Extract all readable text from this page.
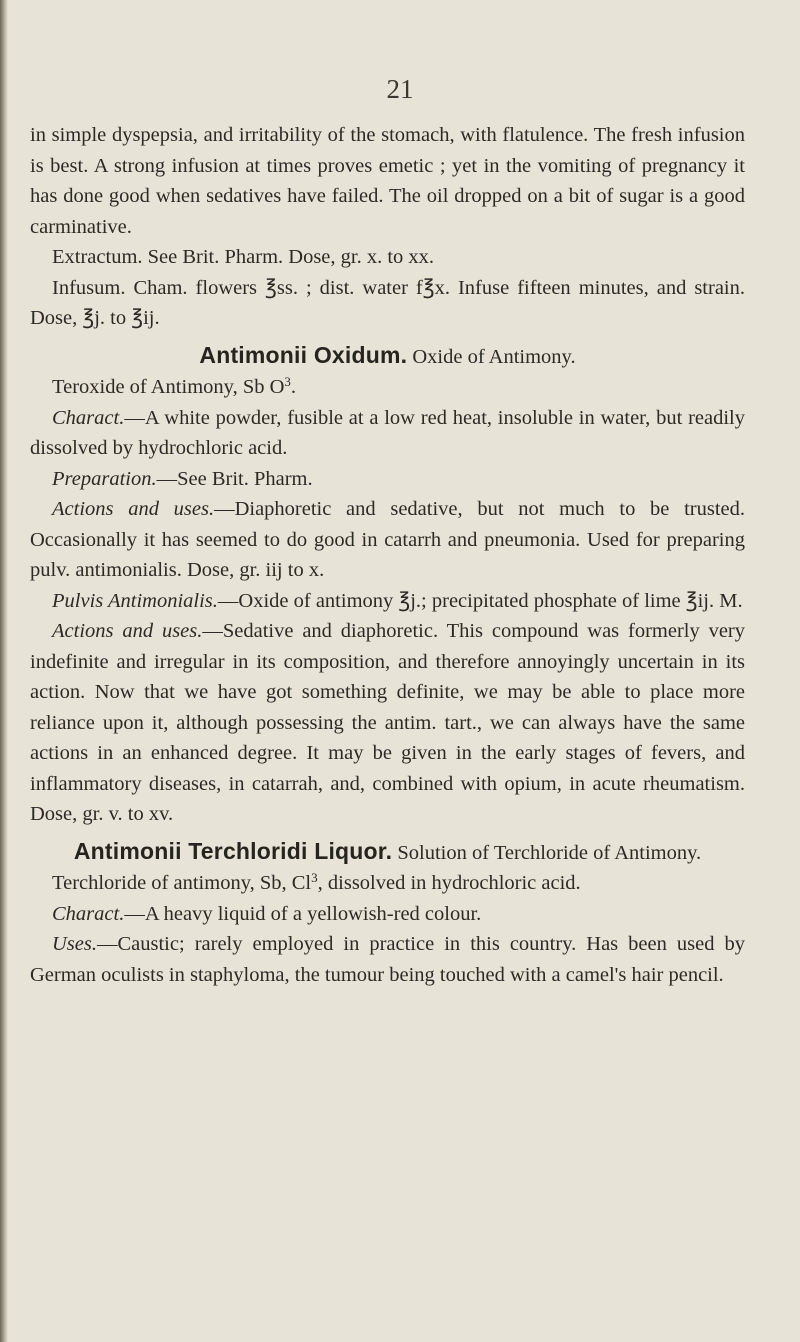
21

in simple dyspepsia, and irritability of the stomach, with flatulence. The fresh infusion is best. A strong infusion at times proves emetic ; yet in the vomiting of pregnancy it has done good when sedatives have failed. The oil dropped on a bit of sugar is a good carminative.

Extractum. See Brit. Pharm. Dose, gr. x. to xx.

Infusum. Cham. flowers ℥ss. ; dist. water f℥x. Infuse fifteen minutes, and strain. Dose, ℥j. to ℥ij.

Antimonii Oxidum. Oxide of Antimony.

Teroxide of Antimony, Sb $O^3$.

Charact.—A white powder, fusible at a low red heat, insoluble in water, but readily dissolved by hydrochloric acid.

Preparation.—See Brit. Pharm.

Actions and uses.—Diaphoretic and sedative, but not much to be trusted. Occasionally it has seemed to do good in catarrh and pneumonia. Used for preparing pulv. antimonialis. Dose, gr. iij to x.

Pulvis Antimonialis.—Oxide of antimony ℥j.; precipitated phosphate of lime ℥ij. M.

Actions and uses.—Sedative and diaphoretic. This compound was formerly very indefinite and irregular in its composition, and therefore annoyingly uncertain in its action. Now that we have got something definite, we may be able to place more reliance upon it, although possessing the antim. tart., we can always have the same actions in an enhanced degree. It may be given in the early stages of fevers, and inflammatory diseases, in catarrah, and, combined with opium, in acute rheumatism. Dose, gr. v. to xv.

Antimonii Terchloridi Liquor. Solution of Terchloride of Antimony.

Terchloride of antimony, Sb, Cl$^3$, dissolved in hydrochloric acid.

Charact.—A heavy liquid of a yellowish-red colour.

Uses.—Caustic; rarely employed in practice in this country. Has been used by German oculists in staphyloma, the tumour being touched with a camel's hair pencil.
